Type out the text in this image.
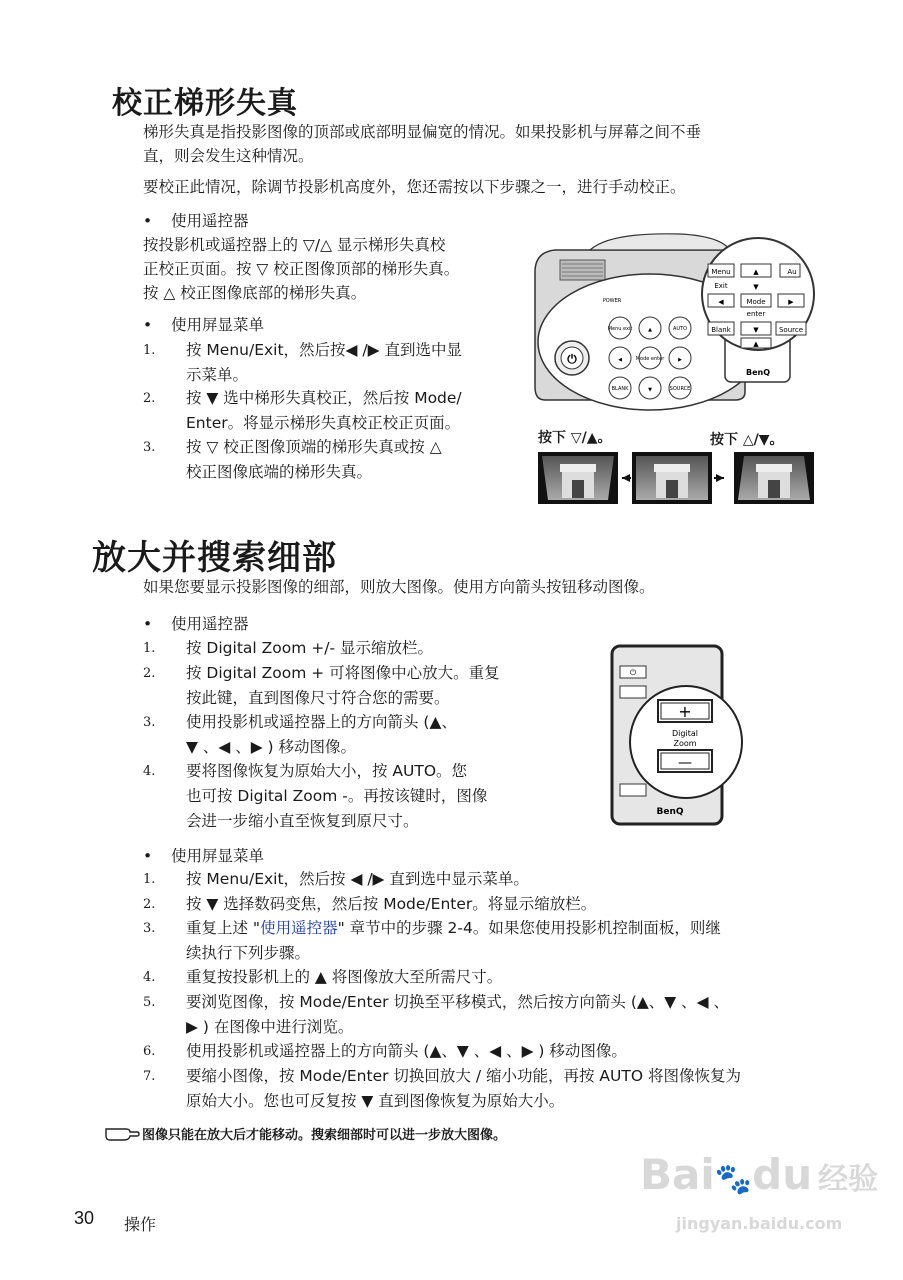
校正梯形失真
梯形失真是指投影图像的顶部或底部明显偏宽的情况。如果投影机与屏幕之间不垂
直，则会发生这种情况。
要校正此情况，除调节投影机高度外，您还需按以下步骤之一，进行手动校正。
• 使用遥控器
按投影机或遥控器上的 ▽/△ 显示梯形失真校
正校正页面。按 ▽ 校正图像顶部的梯形失真。
按 △ 校正图像底部的梯形失真。
• 使用屏显菜单
1. 按 Menu/Exit，然后按◀ /▶ 直到选中显
示菜单。
2. 按 ▼ 选中梯形失真校正，然后按 Mode/
Enter。将显示梯形失真校正校正页面。
3. 按 ▽ 校正图像顶端的梯形失真或按 △
校正图像底端的梯形失真。
⏻
Menu exit	▲	AUTO
◀	Mode enter	▶
BLANK	▼	SOURCE
POWER
BenQ
Menu
Exit
▲
▼
Au
◀	Mode
enter
▶
Blank	▼	Source
▲
按下 ▽/▲。	按下 △/▼。
放大并搜索细部
如果您要显示投影图像的细部，则放大图像。使用方向箭头按钮移动图像。
• 使用遥控器
1. 按 Digital Zoom +/- 显示缩放栏。
2. 按 Digital Zoom + 可将图像中心放大。重复
按此键，直到图像尺寸符合您的需要。
3. 使用投影机或遥控器上的方向箭头 (▲、
▼ 、◀ 、▶ ) 移动图像。
4. 要将图像恢复为原始大小，按 AUTO。您
也可按 Digital Zoom -。再按该键时，图像
会进一步缩小直至恢复到原尺寸。
⏻
BenQ
+
Digital
Zoom
—
• 使用屏显菜单
1. 按 Menu/Exit，然后按 ◀ /▶ 直到选中显示菜单。
2. 按 ▼ 选择数码变焦，然后按 Mode/Enter。将显示缩放栏。
3. 重复上述 "使用遥控器" 章节中的步骤 2-4。如果您使用投影机控制面板，则继
续执行下列步骤。
4. 重复按投影机上的 ▲ 将图像放大至所需尺寸。
5. 要浏览图像，按 Mode/Enter 切换至平移模式，然后按方向箭头 (▲、▼ 、◀ 、
▶ ) 在图像中进行浏览。
6. 使用投影机或遥控器上的方向箭头 (▲、▼ 、◀ 、▶ ) 移动图像。
7. 要缩小图像，按 Mode/Enter 切换回放大 / 缩小功能，再按 AUTO 将图像恢复为
原始大小。您也可反复按 ▼ 直到图像恢复为原始大小。
图像只能在放大后才能移动。搜索细部时可以进一步放大图像。
Bai🐾du 经验
jingyan.baidu.com
30 操作
